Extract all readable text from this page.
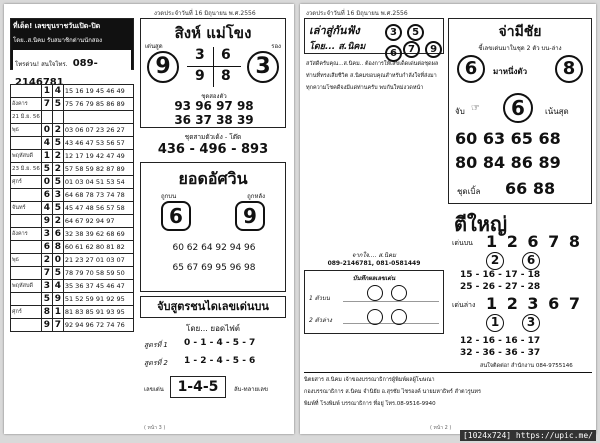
งวดประจำวันที่ 16 มิถุนายน พ.ศ.2556
ที่เด็ด! เลขขุนราชวันเปิด-ปิด
โดย..ส.นิคม รับสมาชิกด่านนักสอง
โทรด่วน! สนใจโทร. 089-2146781
	1	4	15 16 19 45 46 49
อังคาร	7	5	75 76 79 85 86 89
21 มิ.ย. 56			
พุธ	0	2	03 06 07 23 26 27
	4	5	43 46 47 53 56 57
พฤหัสบดี	1	2	12 17 19 42 47 49
23 มิ.ย. 56	5	2	57 58 59 82 87 89
ศุกร์	0	5	01 03 04 51 53 54
	6	3	64 68 78 73 74 78
จันทร์	4	5	45 47 48 56 57 58
	9	2	64 67 92 94 97
อังคาร	3	6	32 38 39 62 68 69
	6	8	60 61 62 80 81 82
พุธ	2	0	21 23 27 01 03 07
	7	5	78 79 70 58 59 50
พฤหัสบดี	3	4	35 36 37 45 46 47
	5	9	51 52 59 91 92 95
ศุกร์	8	1	81 83 85 91 93 95
	9	7	92 94 96 72 74 76
สิงห์ แม่โขง
เด่นสูด	รอง
9	3
3 6
9 8
ชุดสองตัว
93 96 97 98
36 37 38 39
ชุดสามตัวเด้ง - โต๊ด
436 - 496 - 893
ยอดอัศวิน
ถูกบน	ถูกหลัง
6	9
60 62 64 92 94 96
65 67 69 95 96 98
จับสูตรชนไดเลขเด่นบน
โดย... ยอดไฟต์
สูตรที่ 1 0 - 1 - 4 - 5 - 7
สูตรที่ 2 1 - 2 - 4 - 5 - 6
เลขเด่น 1-4-5	ลับ-ทลายเลข
( หน้า 3 )
งวดประจำวันที่ 16 มิถุนายน พ.ศ.2556
เล่าสู่กันฟัง	3 5 6
โดย... ส.นิคม	7 9
สวัสดีครับคุณ...ส.นิคม.. ต้องการให้เลขเด็ดเด่นต่อชุดผลท่านที่ทรงเสียชีวิต ส.นิคมขอบคุณสำหรับกำลังใจที่ส่งมา ทุกความโชคดีจงมีแด่ท่านครับ พบกันใหม่งวดหน้า
จากใจ.... ส.นิคม
089-2146781, 081-0581449
บันทึกผลเลขเด่น
1 ตัวบน
2 ตัวล่าง
จ่ามีชัย
ชี้เลขเด่นมาในชุด 2 ตัว บน-ล่าง
6	มาหนึ่งตัว	8
จับ ☞	6	เน้นสุด
60 63 65 68
80 84 86 89
ชุดเบิ้ล 66 88
ตีใหญ่
เด่นบน 1 2 6 7 8
2	6
15 - 16 - 17 - 18
25 - 26 - 27 - 28
เด่นล่าง 1 2 3 6 7
1	3
12 - 16 - 16 - 17
32 - 36 - 36 - 37
สนใจติดต่อ! สำนักงาน 084-9755146
นิตยสาร ส.นิคม เจ้าของบรรณาธิการผู้พิมพ์ผลผู้โฆษณา
กองบรรณาธิการ ส.นิคม จำนิยัย อ.สุรชัย ไชรองค์ นายมหาธิพร์ สำตวรูนทร
พิมพ์ที่ โรงพิมพ์ บรรณาธิการ ที่อยู่ โทร.08-9516-9940
( หน้า 2 )
[1024x724] https://upic.me/
